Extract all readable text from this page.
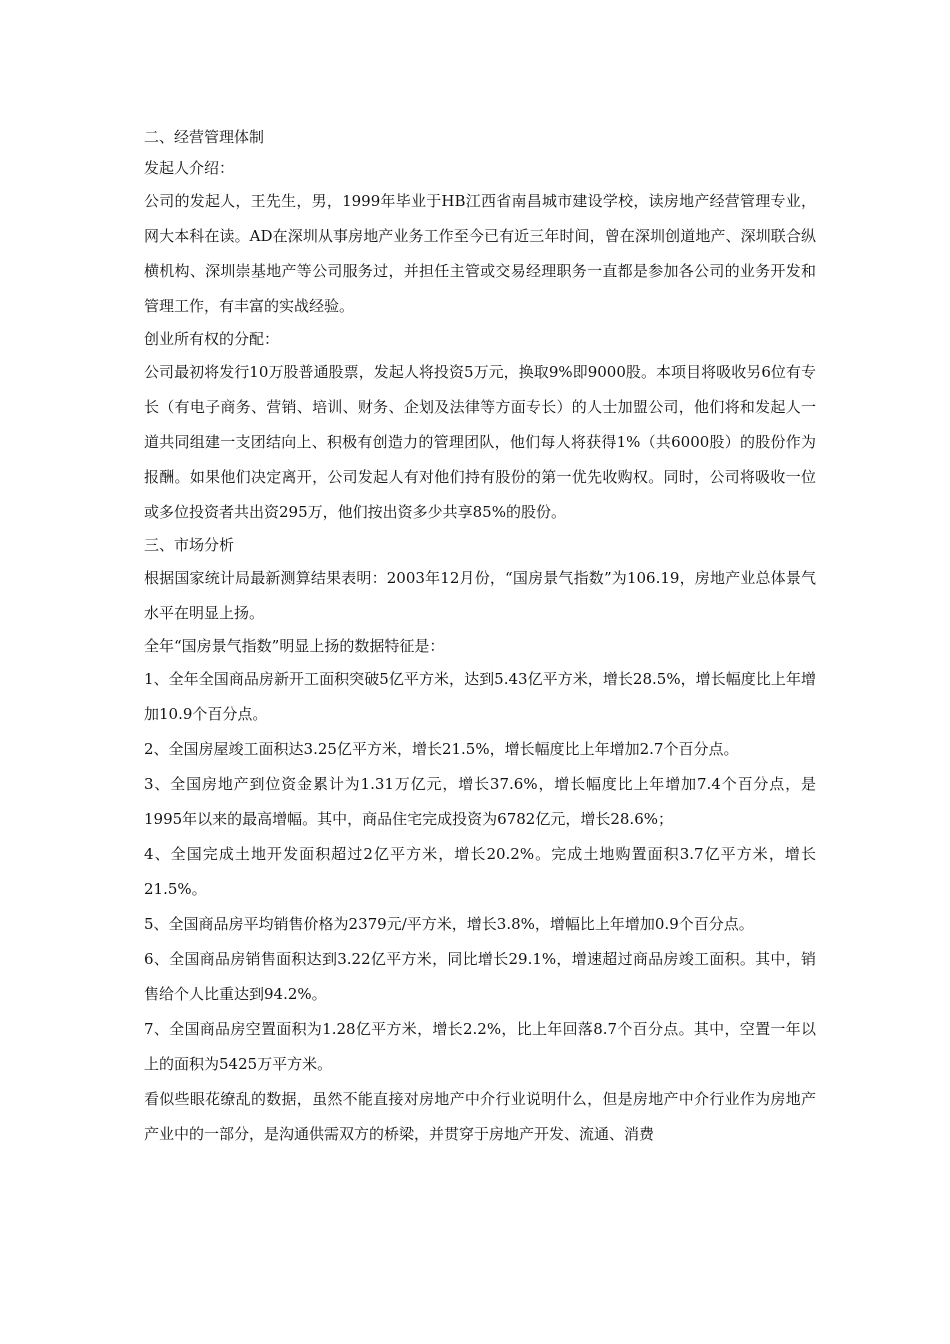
二、经营管理体制

发起人介绍：

公司的发起人，王先生，男，1999年毕业于HB江西省南昌城市建设学校，读房地产经营管理专业，网大本科在读。AD在深圳从事房地产业务工作至今已有近三年时间，曾在深圳创道地产、深圳联合纵横机构、深圳崇基地产等公司服务过，并担任主管或交易经理职务一直都是参加各公司的业务开发和管理工作，有丰富的实战经验。

创业所有权的分配：

公司最初将发行10万股普通股票，发起人将投资5万元，换取9%即9000股。本项目将吸收另6位有专长（有电子商务、营销、培训、财务、企划及法律等方面专长）的人士加盟公司，他们将和发起人一道共同组建一支团结向上、积极有创造力的管理团队，他们每人将获得1%（共6000股）的股份作为报酬。如果他们决定离开，公司发起人有对他们持有股份的第一优先收购权。同时，公司将吸收一位或多位投资者共出资295万，他们按出资多少共享85%的股份。

三、市场分析

根据国家统计局最新测算结果表明：2003年12月份，“国房景气指数”为106.19，房地产业总体景气水平在明显上扬。

全年“国房景气指数”明显上扬的数据特征是：

1、全年全国商品房新开工面积突破5亿平方米，达到5.43亿平方米，增长28.5%，增长幅度比上年增加10.9个百分点。

2、全国房屋竣工面积达3.25亿平方米，增长21.5%，增长幅度比上年增加2.7个百分点。

3、全国房地产到位资金累计为1.31万亿元，增长37.6%，增长幅度比上年增加7.4个百分点，是1995年以来的最高增幅。其中，商品住宅完成投资为6782亿元，增长28.6%；

4、全国完成土地开发面积超过2亿平方米，增长20.2%。完成土地购置面积3.7亿平方米，增长21.5%。

5、全国商品房平均销售价格为2379元/平方米，增长3.8%，增幅比上年增加0.9个百分点。

6、全国商品房销售面积达到3.22亿平方米，同比增长29.1%，增速超过商品房竣工面积。其中，销售给个人比重达到94.2%。

7、全国商品房空置面积为1.28亿平方米，增长2.2%，比上年回落8.7个百分点。其中，空置一年以上的面积为5425万平方米。

看似些眼花缭乱的数据，虽然不能直接对房地产中介行业说明什么，但是房地产中介行业作为房地产产业中的一部分，是沟通供需双方的桥梁，并贯穿于房地产开发、流通、消费
